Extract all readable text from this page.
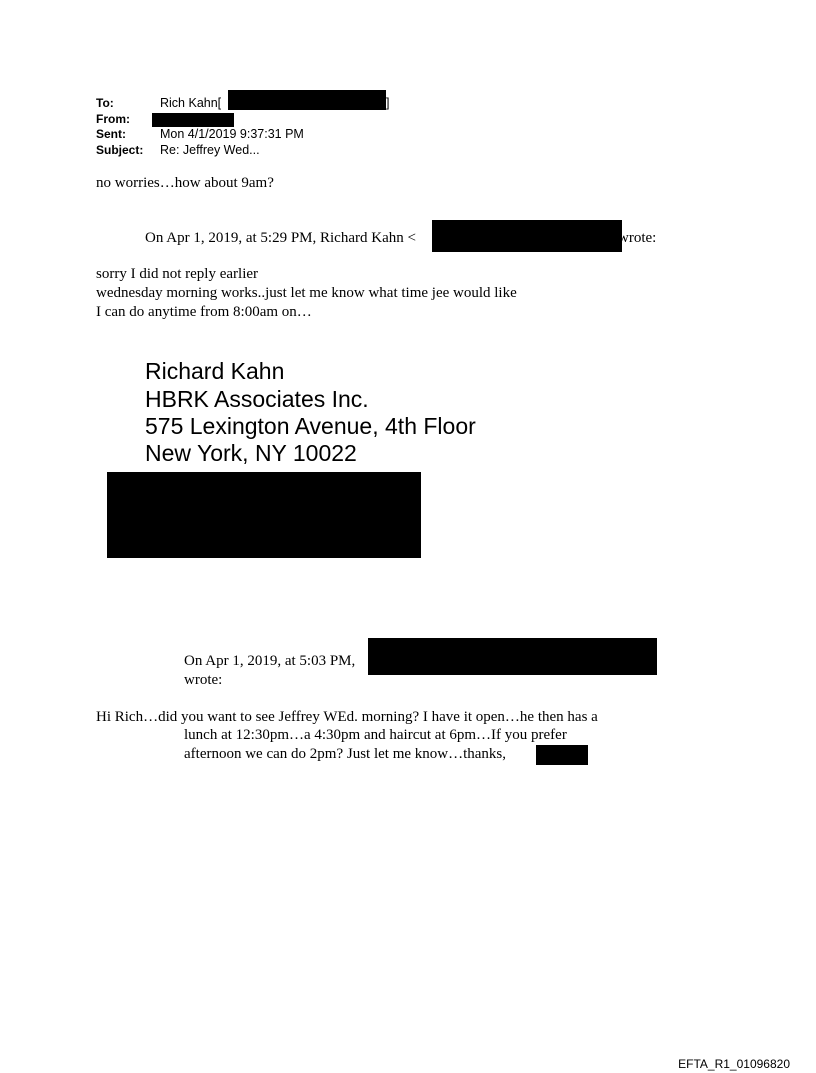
To:	Rich Kahn[	]
From:
Sent:	Mon 4/1/2019 9:37:31 PM
Subject: Re: Jeffrey Wed...
no worries…how about 9am?
On Apr 1, 2019, at 5:29 PM, Richard Kahn <	wrote:
sorry I did not reply earlier
wednesday morning works..just let me know what time jee would like
I can do anytime from 8:00am on…
Richard Kahn
HBRK Associates Inc.
575 Lexington Avenue, 4th Floor
New York, NY 10022
On Apr 1, 2019, at 5:03 PM,
wrote:
Hi Rich…did you want to see Jeffrey WEd. morning? I have it open…he then has a
lunch at 12:30pm…a 4:30pm and haircut at 6pm…If you prefer
afternoon we can do 2pm? Just let me know…thanks,
EFTA_R1_01096820
